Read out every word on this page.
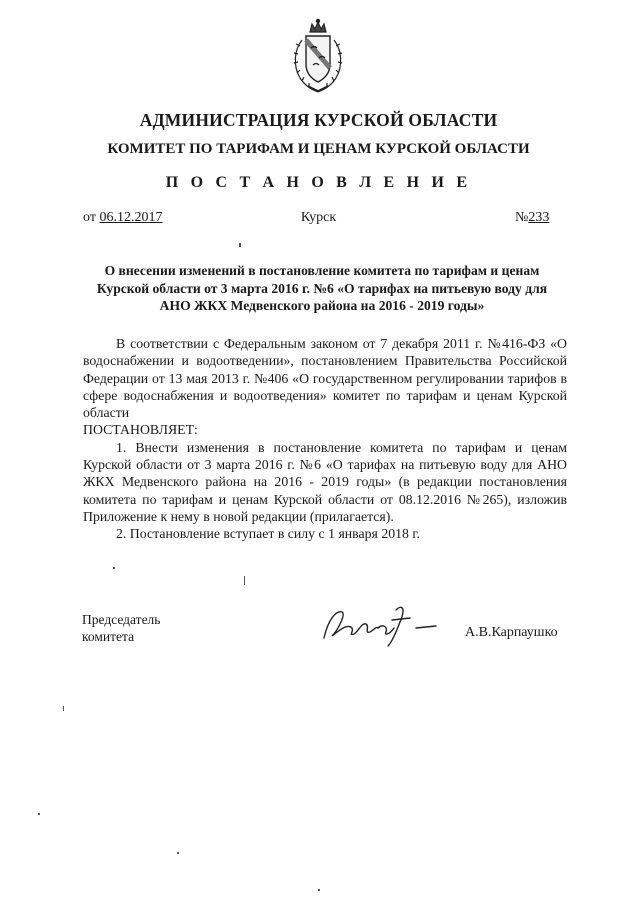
АДМИНИСТРАЦИЯ КУРСКОЙ ОБЛАСТИ
КОМИТЕТ ПО ТАРИФАМ И ЦЕНАМ КУРСКОЙ ОБЛАСТИ
П О С Т А Н О В Л Е Н И Е
от 06.12.2017	Курск	№233
О внесении изменений в постановление комитета по тарифам и ценам Курской области от 3 марта 2016 г. №6 «О тарифах на питьевую воду для АНО ЖКХ Медвенского района на 2016 - 2019 годы»

В соответствии с Федеральным законом от 7 декабря 2011 г. №416-ФЗ «О водоснабжении и водоотведении», постановлением Правительства Российской Федерации от 13 мая 2013 г. №406 «О государственном регулировании тарифов в сфере водоснабжения и водоотведения» комитет по тарифам и ценам Курской области

ПОСТАНОВЛЯЕТ:

1. Внести изменения в постановление комитета по тарифам и ценам Курской области от 3 марта 2016 г. №6 «О тарифах на питьевую воду для АНО ЖКХ Медвенского района на 2016 - 2019 годы» (в редакции постановления комитета по тарифам и ценам Курской области от 08.12.2016 №265), изложив Приложение к нему в новой редакции (прилагается).

2. Постановление вступает в силу с 1 января 2018 г.

Председатель
комитета	А.В.Карпаушко
